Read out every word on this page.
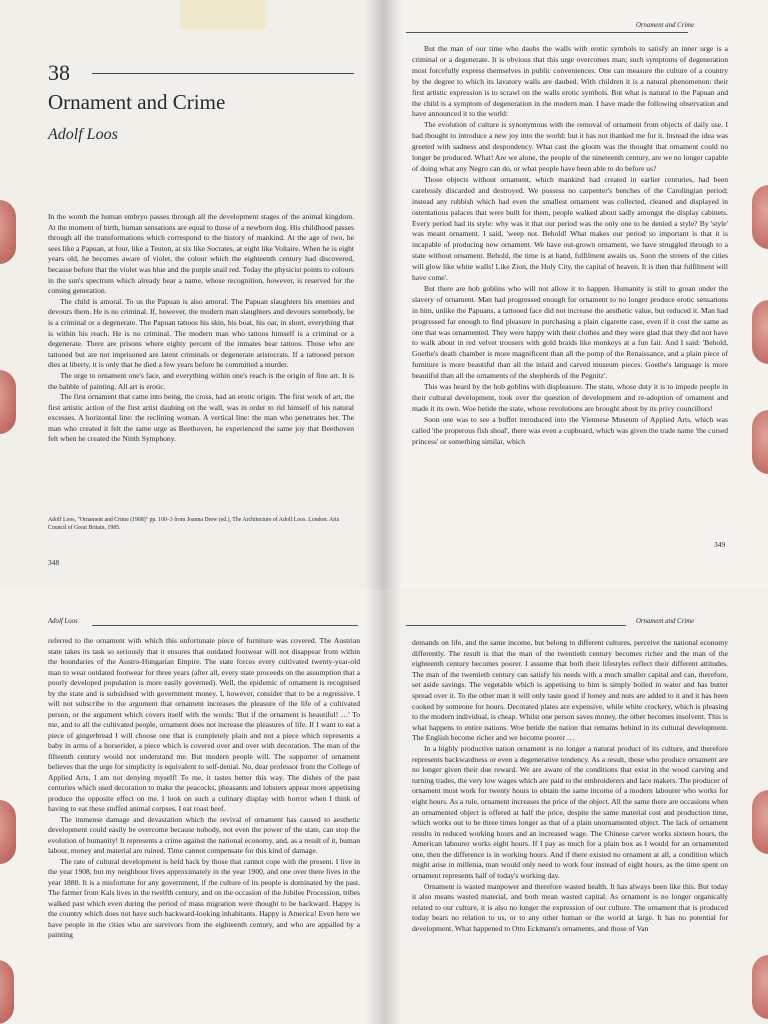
38
Ornament and Crime
Adolf Loos

In the womb the human embryo passes through all the development stages of the animal kingdom. At the moment of birth, human sensations are equal to those of a newborn dog. His childhood passes through all the transformations which correspond to the history of mankind. At the age of two, he sees like a Papuan, at four, like a Teuton, at six like Socrates, at eight like Voltaire. When he is eight years old, he becomes aware of violet, the colour which the eighteenth century had discovered, because before that the violet was blue and the purple snail red. Today the physicist points to colours in the sun's spectrum which already bear a name, whose recognition, however, is reserved for the coming generation.

The child is amoral. To us the Papuan is also amoral. The Papuan slaughters his enemies and devours them. He is no criminal. If, however, the modern man slaughters and devours somebody, he is a criminal or a degenerate. The Papuan tattoos his skin, his boat, his oar, in short, everything that is within his reach. He is no criminal. The modern man who tattoos himself is a criminal or a degenerate. There are prisons where eighty percent of the inmates bear tattoos. Those who are tattooed but are not imprisoned are latent criminals or degenerate aristocrats. If a tattooed person dies at liberty, it is only that he died a few years before he committed a murder.

The urge to ornament one's face, and everything within one's reach is the origin of fine art. It is the babble of painting. All art is erotic.

The first ornament that came into being, the cross, had an erotic origin. The first work of art, the first artistic action of the first artist daubing on the wall, was in order to rid himself of his natural excesses. A horizontal line: the reclining woman. A vertical line: the man who penetrates her. The man who created it felt the same urge as Beethoven, he experienced the same joy that Beethoven felt when he created the Ninth Symphony.

Adolf Loos, "Ornament and Crime (1908)" pp. 100–3 from Joanna Drew (ed.), The Architecture of Adolf Loos. London: Arts Council of Great Britain, 1985.
348
Ornament and Crime

But the man of our time who daubs the walls with erotic symbols to satisfy an inner urge is a criminal or a degenerate. It is obvious that this urge overcomes man; such symptoms of degeneration most forcefully express themselves in public conveniences. One can measure the culture of a country by the degree to which its lavatory walls are daubed. With children it is a natural phenomenon: their first artistic expression is to scrawl on the walls erotic symbols. But what is natural to the Papuan and the child is a symptom of degeneration in the modern man. I have made the following observation and have announced it to the world:

The evolution of culture is synonymous with the removal of ornament from objects of daily use. I had thought to introduce a new joy into the world: but it has not thanked me for it. Instead the idea was greeted with sadness and despondency. What cast the gloom was the thought that ornament could no longer be produced. What! Are we alone, the people of the nineteenth century, are we no longer capable of doing what any Negro can do, or what people have been able to do before us?

Those objects without ornament, which mankind had created in earlier centuries, had been carelessly discarded and destroyed. We possess no carpenter's benches of the Carolingian period; instead any rubbish which had even the smallest ornament was collected, cleaned and displayed in ostentatious palaces that were built for them, people walked about sadly amongst the display cabinets. Every period had its style: why was it that our period was the only one to be denied a style? By 'style' was meant ornament. I said, 'weep not. Behold! What makes our period so important is that it is incapable of producing new ornament. We have out-grown ornament, we have struggled through to a state without ornament. Behold, the time is at hand, fulfilment awaits us. Soon the streets of the cities will glow like white walls! Like Zion, the Holy City, the capital of heaven. It is then that fulfilment will have come'.

But there are hob goblins who will not allow it to happen. Humanity is still to groan under the slavery of ornament. Man had progressed enough for ornament to no longer produce erotic sensations in him, unlike the Papuans, a tattooed face did not increase the aesthetic value, but reduced it. Man had progressed far enough to find pleasure in purchasing a plain cigarette case, even if it cost the same as one that was ornamented. They were happy with their clothes and they were glad that they did not have to walk about in red velvet trousers with gold braids like monkeys at a fun fair. And I said: 'Behold, Goethe's death chamber is more magnificent than all the pomp of the Renaissance, and a plain piece of furniture is more beautiful than all the inlaid and carved museum pieces. Goethe's language is more beautiful than all the ornaments of the shepherds of the Pegnitz'.

This was heard by the hob goblins with displeasure. The state, whose duty it is to impede people in their cultural development, took over the question of development and re-adoption of ornament and made it its own. Woe betide the state, whose revolutions are brought about by its privy councillors!

Soon one was to see a buffet introduced into the Viennese Museum of Applied Arts, which was called 'the properous fish shoal', there was even a cupboard, which was given the trade name 'the cursed princess' or something similar, which

349
Adolf Loos

referred to the ornament with which this unfortunate piece of furniture was covered. The Austrian state takes its task so seriously that it ensures that outdated footwear will not disappear from within the boundaries of the Austro-Hungarian Empire. The state forces every cultivated twenty-year-old man to wear outdated footwear for three years (after all, every state proceeds on the assumption that a poorly developed population is more easily governed). Well, the epidemic of ornament is recognised by the state and is subsidised with government money. I, however, consider that to be a regressive. I will not subscribe to the argument that ornament increases the pleasure of the life of a cultivated person, or the argument which covers itself with the words: 'But if the ornament is beautiful! …' To me, and to all the cultivated people, ornament does not increase the pleasures of life. If I want to eat a piece of gingerbread I will choose one that is completely plain and not a piece which represents a baby in arms of a horserider, a piece which is covered over and over with decoration. The man of the fifteenth century would not understand me. But modern people will. The supporter of ornament believes that the urge for simplicity is equivalent to self-denial. No, dear professor from the College of Applied Arts, I am not denying myself! To me, it tastes better this way. The dishes of the past centuries which used decoration to make the peacocks, pheasants and lobsters appear more appetising produce the opposite effect on me. I look on such a culinary display with horror when I think of having to eat these stuffed animal corpses. I eat roast beef.

The immense damage and devastation which the revival of ornament has caused to aesthetic development could easily be overcome because nobody, not even the power of the state, can stop the evolution of humanity! It represents a crime against the national economy, and, as a result of it, human labour, money and material are ruined. Time cannot compensate for this kind of damage.

The rate of cultural development is held back by those that cannot cope with the present. I live in the year 1908, but my neighbour lives approximately in the year 1900, and one over there lives in the year 1880. It is a misfortune for any government, if the culture of its people is dominated by the past. The farmer from Kals lives in the twelfth century, and on the occasion of the Jubilee Procession, tribes walked past which even during the period of mass migration were thought to be backward. Happy is the country which does not have such backward-looking inhabitants. Happy is America! Even here we have people in the cities who are survivors from the eighteenth century, and who are appalled by a painting

Ornament and Crime

demands on life, and the same income, but belong to different cultures, perceive the national economy differently. The result is that the man of the twentieth century becomes richer and the man of the eighteenth century becomes poorer. I assume that both their lifestyles reflect their different attitudes. The man of the twentieth century can satisfy his needs with a much smaller capital and can, therefore, set aside savings. The vegetable which is appetising to him is simply boiled in water and has butter spread over it. To the other man it will only taste good if honey and nuts are added to it and it has been cooked by someone for hours. Decorated plates are expensive, while white crockery, which is pleasing to the modern individual, is cheap. Whilst one person saves money, the other becomes insolvent. This is what happens to entire nations. Woe betide the nation that remains behind in its cultural development. The English become richer and we become poorer …

In a highly productive nation ornament is no longer a natural product of its culture, and therefore represents backwardness or even a degenerative tendency. As a result, those who produce ornament are no longer given their due reward. We are aware of the conditions that exist in the wood carving and turning trades, the very low wages which are paid to the embroiderers and lace makers. The producer of ornament must work for twenty hours to obtain the same income of a modern labourer who works for eight hours. As a rule, ornament increases the price of the object. All the same there are occasions when an ornamented object is offered at half the price, despite the same material cost and production time, which works out to be three times longer as that of a plain unornamented object. The lack of ornament results in reduced working hours and an increased wage. The Chinese carver works sixteen hours, the American labourer works eight hours. If I pay as much for a plain box as I would for an ornamented one, then the difference is in working hours. And if there existed no ornament at all, a condition which might arise in millenia, man would only need to work four instead of eight hours, as the time spent on ornament represents half of today's working day.

Ornament is wasted manpower and therefore wasted health. It has always been like this. But today it also means wasted material, and both mean wasted capital. As ornament is no longer organically related to our culture, it is also no longer the expression of our culture. The ornament that is produced today bears no relation to us, or to any other human or the world at large. It has no potential for development. What happened to Otto Eckmann's ornaments, and those of Van
